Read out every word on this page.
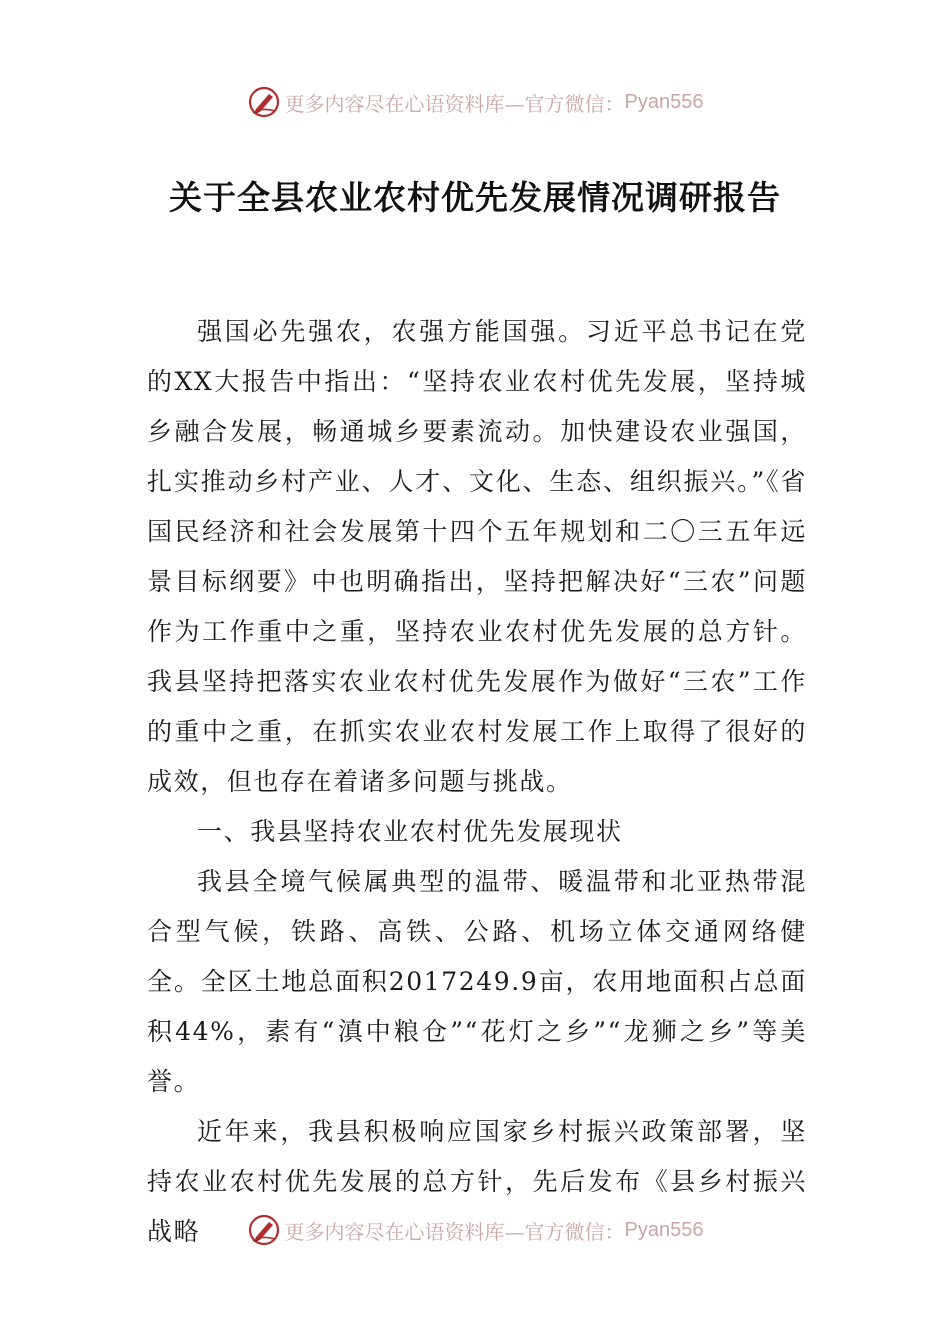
更多内容尽在心语资料库—官方微信： Pyan556
关于全县农业农村优先发展情况调研报告

强国必先强农，农强方能国强。习近平总书记在党的XX大报告中指出：“坚持农业农村优先发展，坚持城乡融合发展，畅通城乡要素流动。加快建设农业强国，扎实推动乡村产业、人才、文化、生态、组织振兴。”《省国民经济和社会发展第十四个五年规划和二〇三五年远景目标纲要》中也明确指出，坚持把解决好“三农”问题作为工作重中之重，坚持农业农村优先发展的总方针。我县坚持把落实农业农村优先发展作为做好“三农”工作的重中之重，在抓实农业农村发展工作上取得了很好的成效，但也存在着诸多问题与挑战。

一、我县坚持农业农村优先发展现状

我县全境气候属典型的温带、暖温带和北亚热带混合型气候，铁路、高铁、公路、机场立体交通网络健全。全区土地总面积2017249.9亩，农用地面积占总面积44%，素有“滇中粮仓”“花灯之乡”“龙狮之乡”等美誉。

近年来，我县积极响应国家乡村振兴政策部署，坚持农业农村优先发展的总方针，先后发布《县乡村振兴战略	更多内容尽在心语资料库—官方微信： Pyan556
